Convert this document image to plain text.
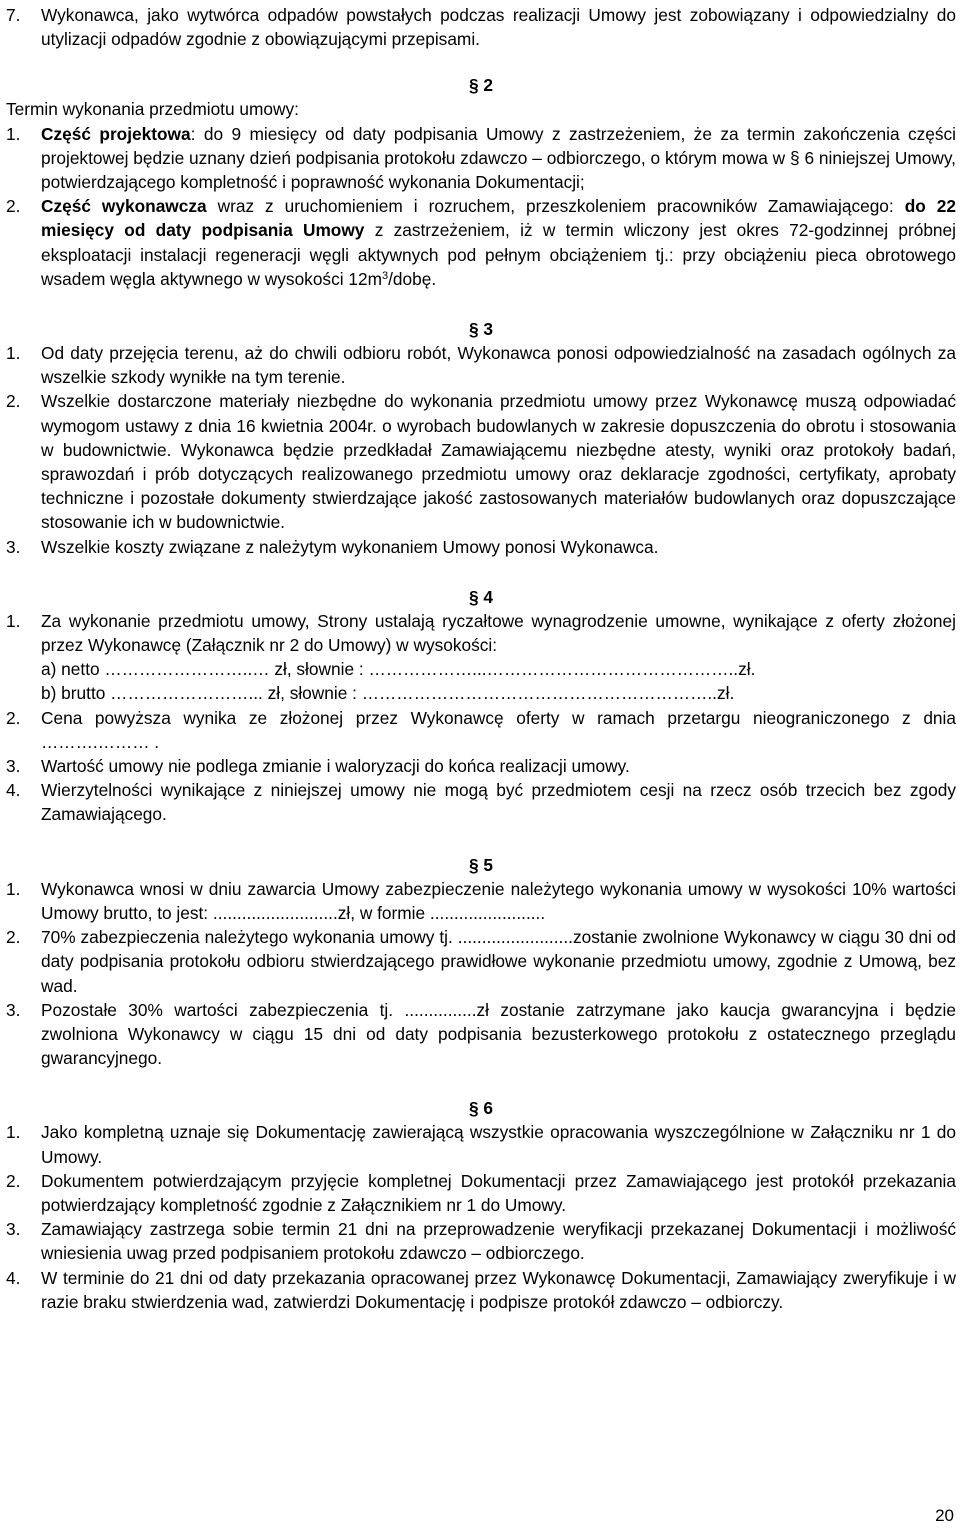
7.	Wykonawca, jako wytwórca odpadów powstałych podczas realizacji Umowy jest zobowiązany i odpowiedzialny do utylizacji odpadów zgodnie z obowiązującymi przepisami.
§ 2
Termin wykonania przedmiotu umowy:
1.	Część projektowa: do 9 miesięcy od daty podpisania Umowy z zastrzeżeniem, że za termin zakończenia części projektowej będzie uznany dzień podpisania protokołu zdawczo – odbiorczego, o którym mowa w § 6 niniejszej Umowy, potwierdzającego kompletność i poprawność wykonania Dokumentacji;
2.	Część wykonawcza wraz z uruchomieniem i rozruchem, przeszkoleniem pracowników Zamawiającego: do 22 miesięcy od daty podpisania Umowy z zastrzeżeniem, iż w termin wliczony jest okres 72-godzinnej próbnej eksploatacji instalacji regeneracji węgli aktywnych pod pełnym obciążeniem tj.: przy obciążeniu pieca obrotowego wsadem węgla aktywnego w wysokości $12m^3$/dobę.
§ 3
1.	Od daty przejęcia terenu, aż do chwili odbioru robót, Wykonawca ponosi odpowiedzialność na zasadach ogólnych za wszelkie szkody wynikłe na tym terenie.
2.	Wszelkie dostarczone materiały niezbędne do wykonania przedmiotu umowy przez Wykonawcę muszą odpowiadać wymogom ustawy z dnia 16 kwietnia 2004r. o wyrobach budowlanych w zakresie dopuszczenia do obrotu i stosowania w budownictwie. Wykonawca będzie przedkładał Zamawiającemu niezbędne atesty, wyniki oraz protokoły badań, sprawozdań i prób dotyczących realizowanego przedmiotu umowy oraz deklaracje zgodności, certyfikaty, aprobaty techniczne i pozostałe dokumenty stwierdzające jakość zastosowanych materiałów budowlanych oraz dopuszczające stosowanie ich w budownictwie.
3.	Wszelkie koszty związane z należytym wykonaniem Umowy ponosi Wykonawca.
§ 4
1.	Za wykonanie przedmiotu umowy, Strony ustalają ryczałtowe wynagrodzenie umowne, wynikające z oferty złożonej przez Wykonawcę (Załącznik nr 2 do Umowy) w wysokości:
a) netto ……………………..… zł, słownie : ………………...……………………………………..zł.
b) brutto ……………………... zł, słownie : ……………………………………………………..zł.
2.	Cena powyższa wynika ze złożonej przez Wykonawcę oferty w ramach przetargu nieograniczonego z dnia ……….……… .
3.	Wartość umowy nie podlega zmianie i waloryzacji do końca realizacji umowy.
4.	Wierzytelności wynikające z niniejszej umowy nie mogą być przedmiotem cesji na rzecz osób trzecich bez zgody Zamawiającego.
§ 5
1.	Wykonawca wnosi w dniu zawarcia Umowy zabezpieczenie należytego wykonania umowy w wysokości 10% wartości Umowy brutto, to jest: ..........................zł, w formie ........................
2.	70% zabezpieczenia należytego wykonania umowy tj. ........................zostanie zwolnione Wykonawcy w ciągu 30 dni od daty podpisania protokołu odbioru stwierdzającego prawidłowe wykonanie przedmiotu umowy, zgodnie z Umową, bez wad.
3.	Pozostałe 30% wartości zabezpieczenia tj. ...............zł zostanie zatrzymane jako kaucja gwarancyjna i będzie zwolniona Wykonawcy w ciągu 15 dni od daty podpisania bezusterkowego protokołu z ostatecznego przeglądu gwarancyjnego.
§ 6
1.	Jako kompletną uznaje się Dokumentację zawierającą wszystkie opracowania wyszczególnione w Załączniku nr 1 do Umowy.
2.	Dokumentem potwierdzającym przyjęcie kompletnej Dokumentacji przez Zamawiającego jest protokół przekazania potwierdzający kompletność zgodnie z Załącznikiem nr 1 do Umowy.
3.	Zamawiający zastrzega sobie termin 21 dni na przeprowadzenie weryfikacji przekazanej Dokumentacji i możliwość wniesienia uwag przed podpisaniem protokołu zdawczo – odbiorczego.
4.	W terminie do 21 dni od daty przekazania opracowanej przez Wykonawcę Dokumentacji, Zamawiający zweryfikuje i w razie braku stwierdzenia wad, zatwierdzi Dokumentację i podpisze protokół zdawczo – odbiorczy.
20
